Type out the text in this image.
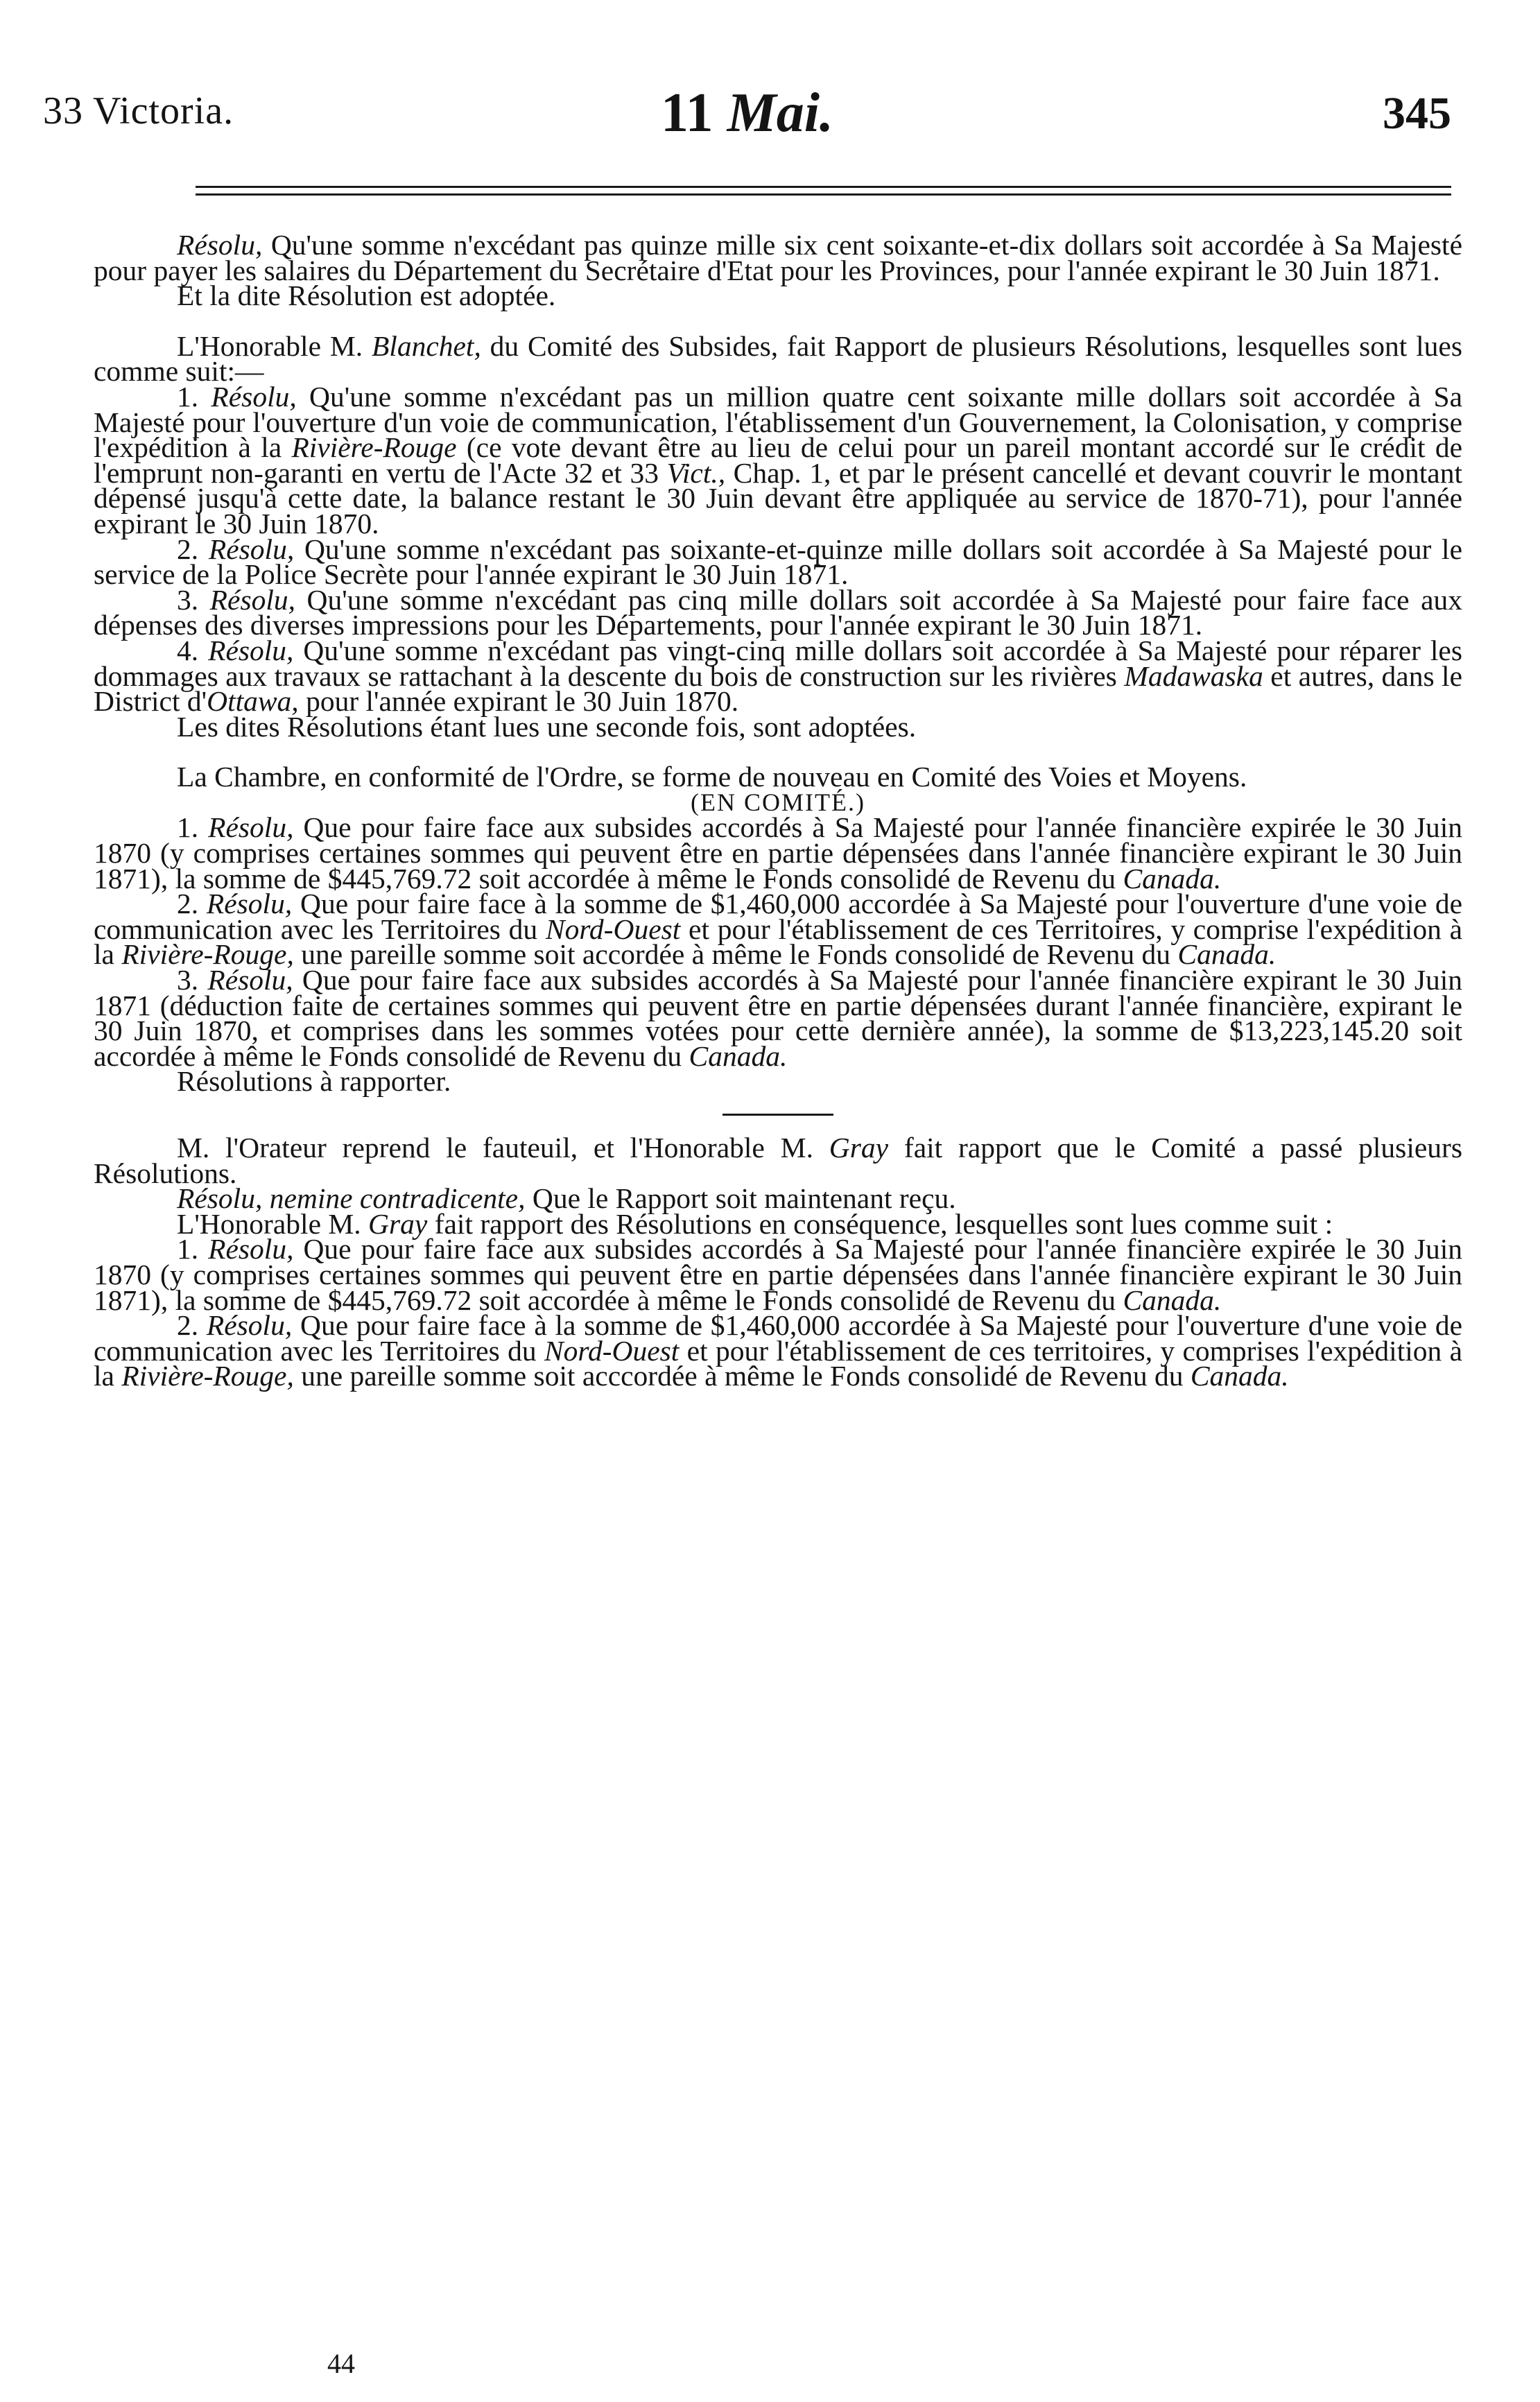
33 Victoria.	11 Mai.	345

Résolu, Qu'une somme n'excédant pas quinze mille six cent soixante-et-dix dollars soit accordée à Sa Majesté pour payer les salaires du Département du Secrétaire d'Etat pour les Provinces, pour l'année expirant le 30 Juin 1871.

Et la dite Résolution est adoptée.

L'Honorable M. Blanchet, du Comité des Subsides, fait Rapport de plusieurs Résolutions, lesquelles sont lues comme suit:—

1. Résolu, Qu'une somme n'excédant pas un million quatre cent soixante mille dollars soit accordée à Sa Majesté pour l'ouverture d'un voie de communication, l'établissement d'un Gouvernement, la Colonisation, y comprise l'expédition à la Rivière-Rouge (ce vote devant être au lieu de celui pour un pareil montant accordé sur le crédit de l'emprunt non-garanti en vertu de l'Acte 32 et 33 Vict., Chap. 1, et par le présent cancellé et devant couvrir le montant dépensé jusqu'à cette date, la balance restant le 30 Juin devant être appliquée au service de 1870-71), pour l'année expirant le 30 Juin 1870.

2. Résolu, Qu'une somme n'excédant pas soixante-et-quinze mille dollars soit accordée à Sa Majesté pour le service de la Police Secrète pour l'année expirant le 30 Juin 1871.

3. Résolu, Qu'une somme n'excédant pas cinq mille dollars soit accordée à Sa Majesté pour faire face aux dépenses des diverses impressions pour les Départements, pour l'année expirant le 30 Juin 1871.

4. Résolu, Qu'une somme n'excédant pas vingt-cinq mille dollars soit accordée à Sa Majesté pour réparer les dommages aux travaux se rattachant à la descente du bois de construction sur les rivières Madawaska et autres, dans le District d'Ottawa, pour l'année expirant le 30 Juin 1870.

Les dites Résolutions étant lues une seconde fois, sont adoptées.

La Chambre, en conformité de l'Ordre, se forme de nouveau en Comité des Voies et Moyens.

(EN COMITÉ.)

1. Résolu, Que pour faire face aux subsides accordés à Sa Majesté pour l'année financière expirée le 30 Juin 1870 (y comprises certaines sommes qui peuvent être en partie dépensées dans l'année financière expirant le 30 Juin 1871), la somme de $445,769.72 soit accordée à même le Fonds consolidé de Revenu du Canada.

2. Résolu, Que pour faire face à la somme de $1,460,000 accordée à Sa Majesté pour l'ouverture d'une voie de communication avec les Territoires du Nord-Ouest et pour l'établissement de ces Territoires, y comprise l'expédition à la Rivière-Rouge, une pareille somme soit accordée à même le Fonds consolidé de Revenu du Canada.

3. Résolu, Que pour faire face aux subsides accordés à Sa Majesté pour l'année financière expirant le 30 Juin 1871 (déduction faite de certaines sommes qui peuvent être en partie dépensées durant l'année financière, expirant le 30 Juin 1870, et comprises dans les sommes votées pour cette dernière année), la somme de $13,223,145.20 soit accordée à même le Fonds consolidé de Revenu du Canada.

Résolutions à rapporter.

M. l'Orateur reprend le fauteuil, et l'Honorable M. Gray fait rapport que le Comité a passé plusieurs Résolutions.

Résolu, nemine contradicente, Que le Rapport soit maintenant reçu.

L'Honorable M. Gray fait rapport des Résolutions en conséquence, lesquelles sont lues comme suit :

1. Résolu, Que pour faire face aux subsides accordés à Sa Majesté pour l'année financière expirée le 30 Juin 1870 (y comprises certaines sommes qui peuvent être en partie dépensées dans l'année financière expirant le 30 Juin 1871), la somme de $445,769.72 soit accordée à même le Fonds consolidé de Revenu du Canada.

2. Résolu, Que pour faire face à la somme de $1,460,000 accordée à Sa Majesté pour l'ouverture d'une voie de communication avec les Territoires du Nord-Ouest et pour l'établissement de ces territoires, y comprises l'expédition à la Rivière-Rouge, une pareille somme soit acccordée à même le Fonds consolidé de Revenu du Canada.

44
